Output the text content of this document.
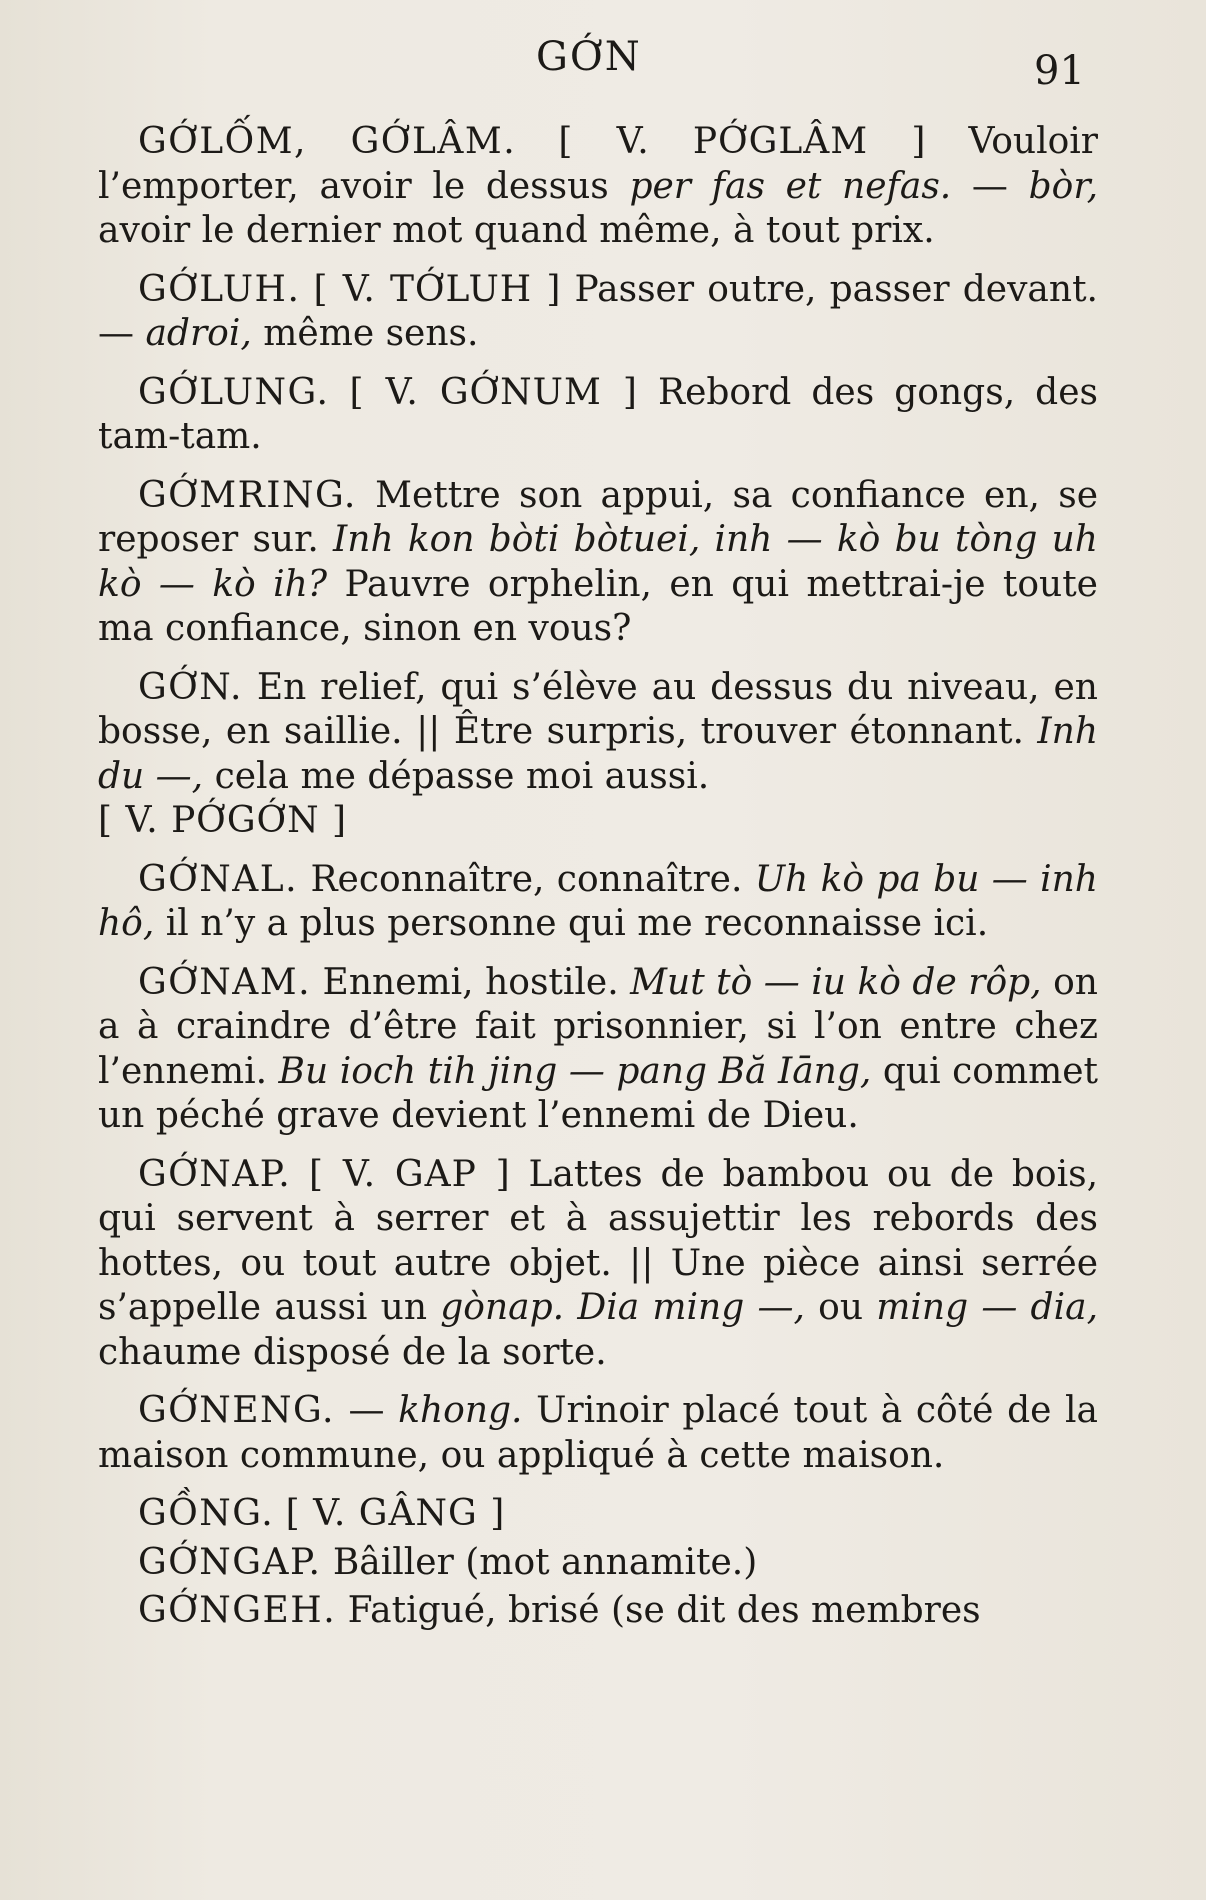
GỚN	91

GỚLỐM, GỚLÂM. [ V. PỚGLÂM ] Vouloir l’emporter, avoir le dessus per fas et nefas. — bòr, avoir le dernier mot quand même, à tout prix.

GỚLUH. [ V. TỚLUH ] Passer outre, passer devant. — adroi, même sens.

GỚLUNG. [ V. GỚNUM ] Rebord des gongs, des tam-tam.

GỚMRING. Mettre son appui, sa confiance en, se reposer sur. Inh kon bòti bòtuei, inh — kò bu tòng uh kò — kò ih? Pauvre orphelin, en qui mettrai-je toute ma confiance, sinon en vous?

GỚN. En relief, qui s’élève au dessus du niveau, en bosse, en saillie. || Être surpris, trouver étonnant. Inh du —, cela me dépasse moi aussi.
[ V. PỚGỚN ]

GỚNAL. Reconnaître, connaître. Uh kò pa bu — inh hô, il n’y a plus personne qui me reconnaisse ici.

GỚNAM. Ennemi, hostile. Mut tò — iu kò de rôp, on a à craindre d’être fait prisonnier, si l’on entre chez l’ennemi. Bu ioch tih jing — pang Bă Iāng, qui commet un péché grave devient l’ennemi de Dieu.

GỚNAP. [ V. GAP ] Lattes de bambou ou de bois, qui servent à serrer et à assujettir les rebords des hottes, ou tout autre objet. || Une pièce ainsi serrée s’appelle aussi un gònap. Dia ming —, ou ming — dia, chaume disposé de la sorte.

GỚNENG. — khong. Urinoir placé tout à côté de la maison commune, ou appliqué à cette maison.

GỒNG. [ V. GÂNG ]

GỚNGAP. Bâiller (mot annamite.)

GỚNGEH. Fatigué, brisé (se dit des membres
